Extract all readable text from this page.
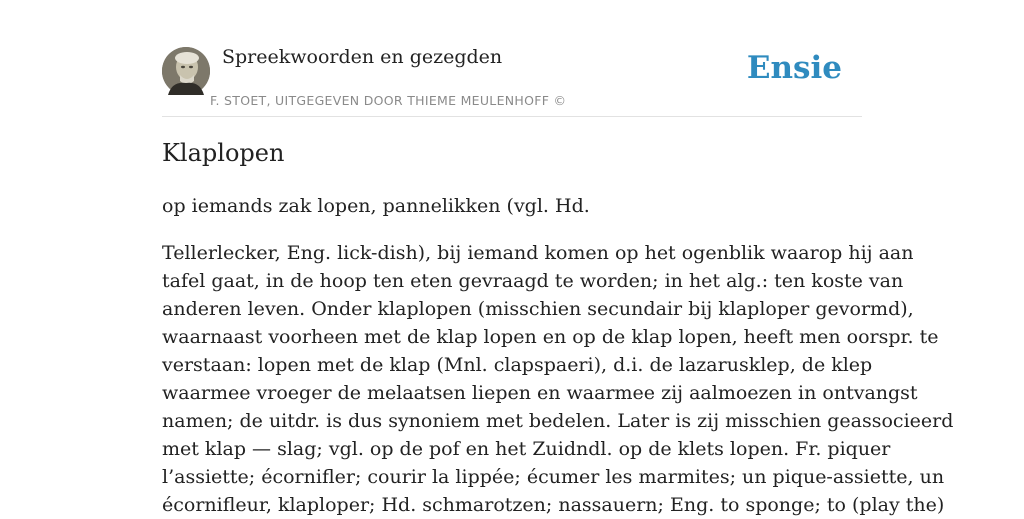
Spreekwoorden en gezegden
F. STOET, UITGEGEVEN DOOR THIEME MEULENHOFF ©
Ensie
Klaplopen

op iemands zak lopen, pannelikken (vgl. Hd.

Tellerlecker, Eng. lick-dish), bij iemand komen op het ogenblik waarop hij aan
tafel gaat, in de hoop ten eten gevraagd te worden; in het alg.: ten koste van
anderen leven. Onder klaplopen (misschien secundair bij klaploper gevormd),
waarnaast voorheen met de klap lopen en op de klap lopen, heeft men oorspr. te
verstaan: lopen met de klap (Mnl. clapspaeri), d.i. de lazarusklep, de klep
waarmee vroeger de melaatsen liepen en waarmee zij aalmoezen in ontvangst
namen; de uitdr. is dus synoniem met bedelen. Later is zij misschien geassocieerd
met klap — slag; vgl. op de pof en het Zuidndl. op de klets lopen. Fr. piquer
l’assiette; écornifler; courir la lippée; écumer les marmites; un pique-assiette, un
écornifleur, klaploper; Hd. schmarotzen; nassauern; Eng. to sponge; to (play the)
